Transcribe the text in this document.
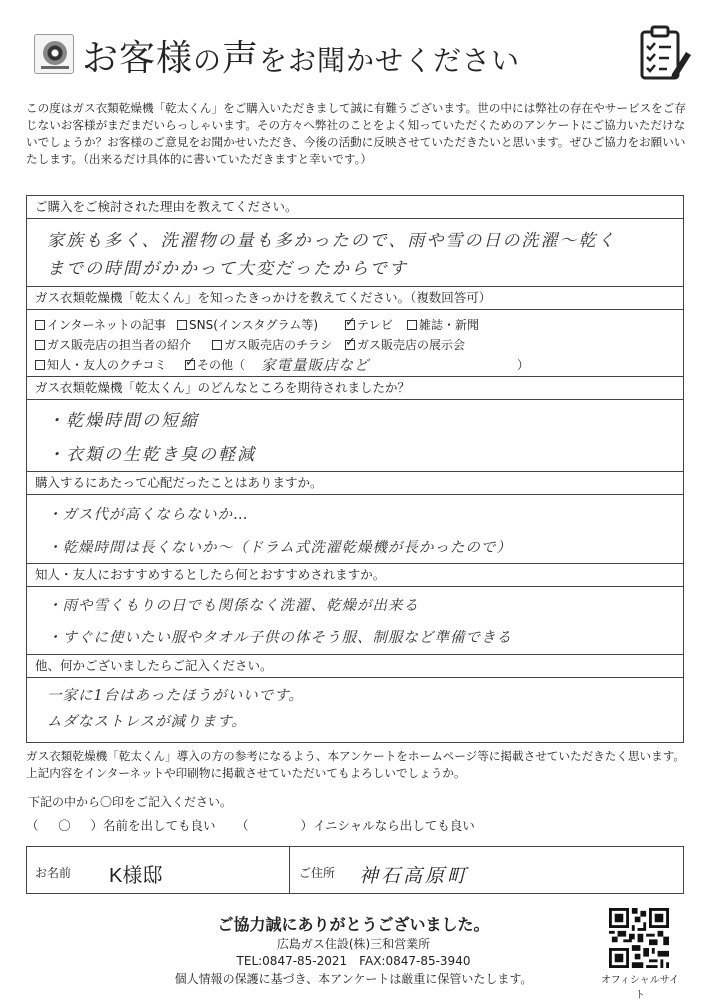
お客様の声をお聞かせください
この度はガス衣類乾燥機「乾太くん」をご購入いただきまして誠に有難うございます。世の中には弊社の存在やサービスをご存じないお客様がまだまだいらっしゃいます。その方々へ弊社のことをよく知っていただくためのアンケートにご協力いただけないでしょうか？お客様のご意見をお聞かせいただき、今後の活動に反映させていただきたいと思います。ぜひご協力をお願いいたします。（出来るだけ具体的に書いていただきますと幸いです。）
ご購入をご検討された理由を教えてください。
家族も多く、洗濯物の量も多かったので、雨や雪の日の洗濯～乾く
までの時間がかかって大変だったからです
ガス衣類乾燥機「乾太くん」を知ったきっかけを教えてください。（複数回答可）
インターネットの記事	SNS(インスタグラム等) ✓	テレビ	雑誌・新聞
ガス販売店の担当者の紹介	ガス販売店のチラシ ✓	ガス販売店の展示会
知人・友人のクチコミ ✓	その他（ 家電量販店など	）
ガス衣類乾燥機「乾太くん」のどんなところを期待されましたか？
・乾燥時間の短縮
・衣類の生乾き臭の軽減
購入するにあたって心配だったことはありますか。
・ガス代が高くならないか…
・乾燥時間は長くないか～（ドラム式洗濯乾燥機が長かったので）
知人・友人におすすめするとしたら何とおすすめされますか。
・雨や雪くもりの日でも関係なく洗濯、乾燥が出来る
・すぐに使いたい服やタオル子供の体そう服、制服など準備できる
他、何かございましたらご記入ください。
一家に1台はあったほうがいいです。
ムダなストレスが減ります。
ガス衣類乾燥機「乾太くん」導入の方の参考になるよう、本アンケートをホームページ等に掲載させていただきたく思います。上記内容をインターネットや印刷物に掲載させていただいてもよろしいでしょうか。
下記の中から〇印をご記入ください。
（ 〇 ）名前を出しても良い （	）イニシャルなら出しても良い
お名前 K様邸	ご住所 神石高原町
ご協力誠にありがとうございました。
広島ガス住設(株)三和営業所
TEL:0847-85-2021　FAX:0847-85-3940
個人情報の保護に基づき、本アンケートは厳重に保管いたします。	オフィシャルサイト
